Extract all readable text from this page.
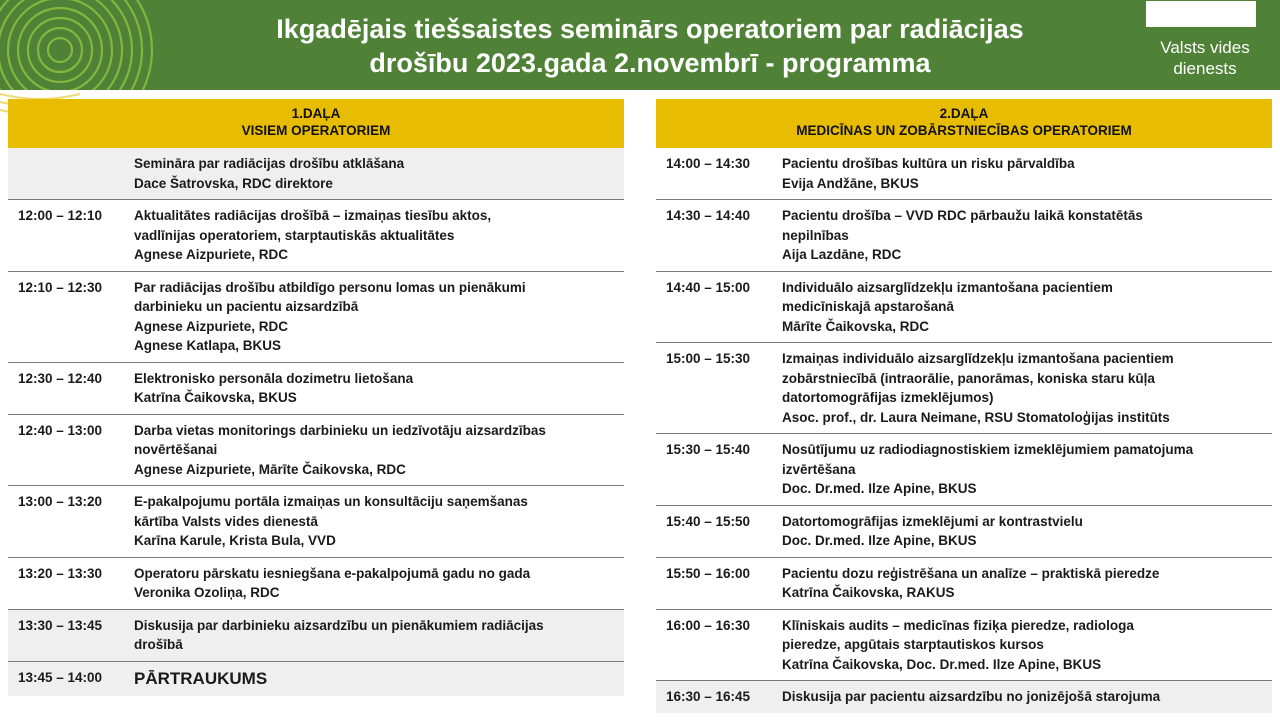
Ikgadējais tiešsaistes seminārs operatoriem par radiācijas
drošību 2023.gada 2.novembrī - programma
Valsts vides
dienests
1.DAĻA
VISIEM OPERATORIEM
Semināra par radiācijas drošību atklāšana
Dace Šatrovska, RDC direktore
12:00 – 12:10	Aktualitātes radiācijas drošībā – izmaiņas tiesību aktos,
vadlīnijas operatoriem, starptautiskās aktualitātes
Agnese Aizpuriete, RDC
12:10 – 12:30	Par radiācijas drošību atbildīgo personu lomas un pienākumi
darbinieku un pacientu aizsardzībā
Agnese Aizpuriete, RDC
Agnese Katlapa, BKUS
12:30 – 12:40	Elektronisko personāla dozimetru lietošana
Katrīna Čaikovska, BKUS
12:40 – 13:00	Darba vietas monitorings darbinieku un iedzīvotāju aizsardzības
novērtēšanai
Agnese Aizpuriete, Mārīte Čaikovska, RDC
13:00 – 13:20	E-pakalpojumu portāla izmaiņas un konsultāciju saņemšanas
kārtība Valsts vides dienestā
Karīna Karule, Krista Bula, VVD
13:20 – 13:30	Operatoru pārskatu iesniegšana e-pakalpojumā gadu no gada
Veronika Ozoliņa, RDC
13:30 – 13:45	Diskusija par darbinieku aizsardzību un pienākumiem radiācijas
drošībā
13:45 – 14:00	PĀRTRAUKUMS
2.DAĻA
MEDICĪNAS UN ZOBĀRSTNIECĪBAS OPERATORIEM
14:00 – 14:30	Pacientu drošības kultūra un risku pārvaldība
Evija Andžāne, BKUS
14:30 – 14:40	Pacientu drošība – VVD RDC pārbaužu laikā konstatētās
nepilnības
Aija Lazdāne, RDC
14:40 – 15:00	Individuālo aizsarglīdzekļu izmantošana pacientiem
medicīniskajā apstarošanā
Mārīte Čaikovska, RDC
15:00 – 15:30	Izmaiņas individuālo aizsarglīdzekļu izmantošana pacientiem
zobārstniecībā (intraorālie, panorāmas, koniska staru kūļa
datortomogrāfijas izmeklējumos)
Asoc. prof., dr. Laura Neimane, RSU Stomatoloģijas institūts
15:30 – 15:40	Nosūtījumu uz radiodiagnostiskiem izmeklējumiem pamatojuma
izvērtēšana
Doc. Dr.med. Ilze Apine, BKUS
15:40 – 15:50	Datortomogrāfijas izmeklējumi ar kontrastvielu
Doc. Dr.med. Ilze Apine, BKUS
15:50 – 16:00	Pacientu dozu reģistrēšana un analīze – praktiskā pieredze
Katrīna Čaikovska, RAKUS
16:00 – 16:30	Klīniskais audits – medicīnas fiziķa pieredze, radiologa
pieredze, apgūtais starptautiskos kursos
Katrīna Čaikovska, Doc. Dr.med. Ilze Apine, BKUS
16:30 – 16:45	Diskusija par pacientu aizsardzību no jonizējošā starojuma
